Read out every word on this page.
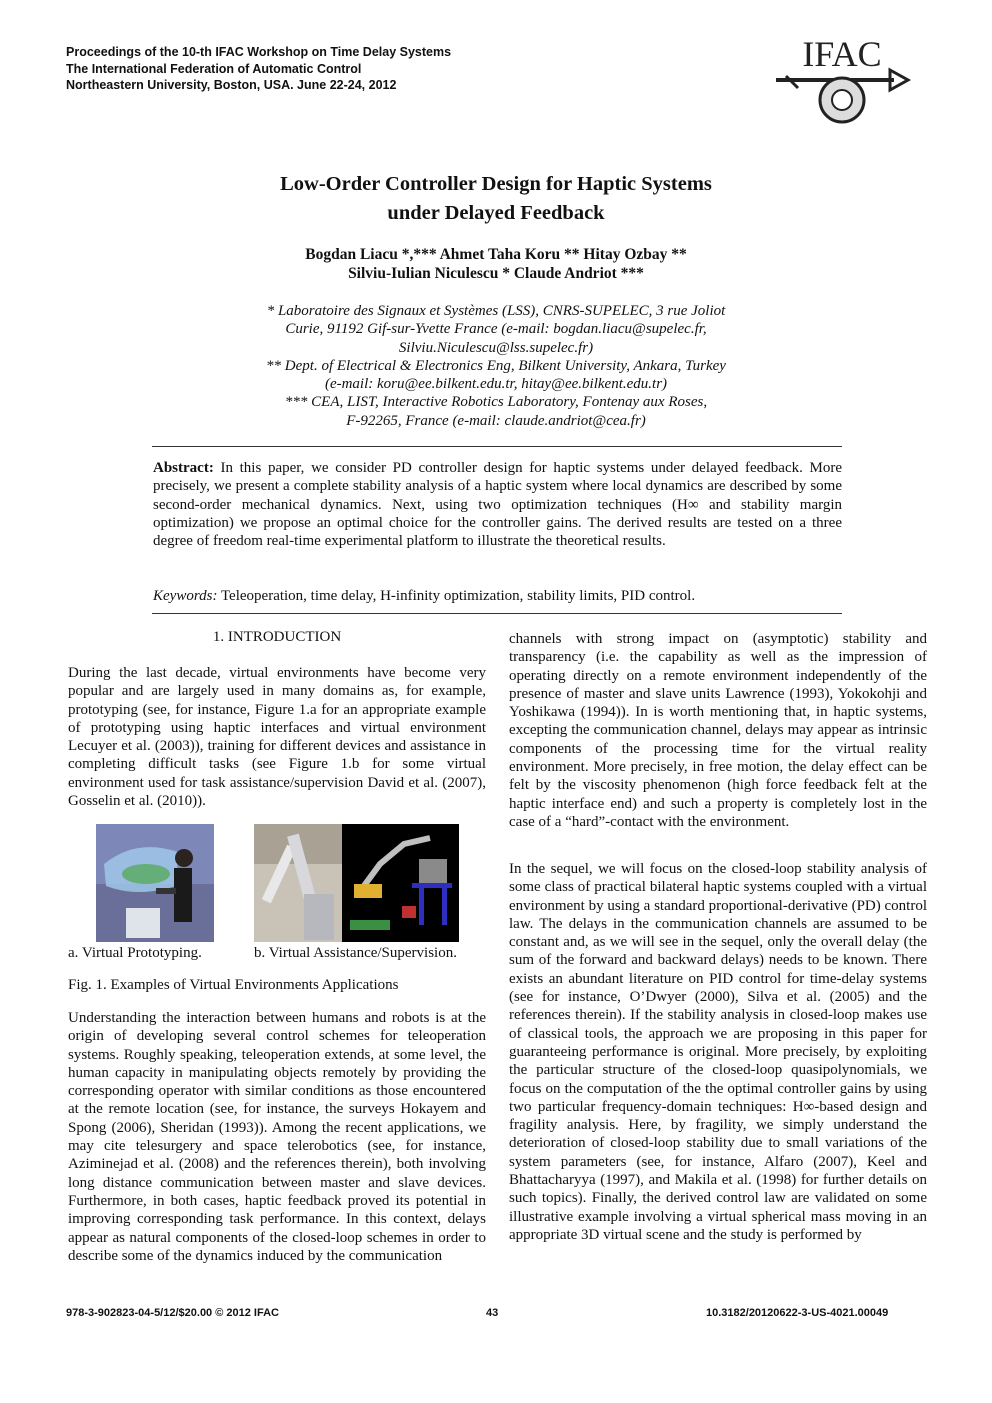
Proceedings of the 10-th IFAC Workshop on Time Delay Systems
The International Federation of Automatic Control
Northeastern University, Boston, USA. June 22-24, 2012
IFAC
Low-Order Controller Design for Haptic Systems
under Delayed Feedback
Bogdan Liacu *,*** Ahmet Taha Koru ** Hitay Ozbay **
Silviu-Iulian Niculescu * Claude Andriot ***
* Laboratoire des Signaux et Systèmes (LSS), CNRS-SUPELEC, 3 rue Joliot
Curie, 91192 Gif-sur-Yvette France (e-mail: bogdan.liacu@supelec.fr,
Silviu.Niculescu@lss.supelec.fr)
** Dept. of Electrical & Electronics Eng, Bilkent University, Ankara, Turkey
(e-mail: koru@ee.bilkent.edu.tr, hitay@ee.bilkent.edu.tr)
*** CEA, LIST, Interactive Robotics Laboratory, Fontenay aux Roses,
F-92265, France (e-mail: claude.andriot@cea.fr)
Abstract: In this paper, we consider PD controller design for haptic systems under delayed feedback. More precisely, we present a complete stability analysis of a haptic system where local dynamics are described by some second-order mechanical dynamics. Next, using two optimization techniques (H∞ and stability margin optimization) we propose an optimal choice for the controller gains. The derived results are tested on a three degree of freedom real-time experimental platform to illustrate the theoretical results.
Keywords: Teleoperation, time delay, H-infinity optimization, stability limits, PID control.
1. INTRODUCTION

During the last decade, virtual environments have become very popular and are largely used in many domains as, for example, prototyping (see, for instance, Figure 1.a for an appropriate example of prototyping using haptic interfaces and virtual environment Lecuyer et al. (2003)), training for different devices and assistance in completing difficult tasks (see Figure 1.b for some virtual environment used for task assistance/supervision David et al. (2007), Gosselin et al. (2010)).

a. Virtual Prototyping.	b. Virtual Assistance/Supervision.
Fig. 1. Examples of Virtual Environments Applications

Understanding the interaction between humans and robots is at the origin of developing several control schemes for teleoperation systems. Roughly speaking, teleoperation extends, at some level, the human capacity in manipulating objects remotely by providing the corresponding operator with similar conditions as those encountered at the remote location (see, for instance, the surveys Hokayem and Spong (2006), Sheridan (1993)). Among the recent applications, we may cite telesurgery and space telerobotics (see, for instance, Aziminejad et al. (2008) and the references therein), both involving long distance communication between master and slave devices. Furthermore, in both cases, haptic feedback proved its potential in improving corresponding task performance. In this context, delays appear as natural components of the closed-loop schemes in order to describe some of the dynamics induced by the communication

channels with strong impact on (asymptotic) stability and transparency (i.e. the capability as well as the impression of operating directly on a remote environment independently of the presence of master and slave units Lawrence (1993), Yokokohji and Yoshikawa (1994)). In is worth mentioning that, in haptic systems, excepting the communication channel, delays may appear as intrinsic components of the processing time for the virtual reality environment. More precisely, in free motion, the delay effect can be felt by the viscosity phenomenon (high force feedback felt at the haptic interface end) and such a property is completely lost in the case of a “hard”-contact with the environment.

In the sequel, we will focus on the closed-loop stability analysis of some class of practical bilateral haptic systems coupled with a virtual environment by using a standard proportional-derivative (PD) control law. The delays in the communication channels are assumed to be constant and, as we will see in the sequel, only the overall delay (the sum of the forward and backward delays) needs to be known. There exists an abundant literature on PID control for time-delay systems (see for instance, O’Dwyer (2000), Silva et al. (2005) and the references therein). If the stability analysis in closed-loop makes use of classical tools, the approach we are proposing in this paper for guaranteeing performance is original. More precisely, by exploiting the particular structure of the closed-loop quasipolynomials, we focus on the computation of the the optimal controller gains by using two particular frequency-domain techniques: H∞-based design and fragility analysis. Here, by fragility, we simply understand the deterioration of closed-loop stability due to small variations of the system parameters (see, for instance, Alfaro (2007), Keel and Bhattacharyya (1997), and Makila et al. (1998) for further details on such topics). Finally, the derived control law are validated on some illustrative example involving a virtual spherical mass moving in an appropriate 3D virtual scene and the study is performed by

978-3-902823-04-5/12/$20.00 © 2012 IFAC	43	10.3182/20120622-3-US-4021.00049
